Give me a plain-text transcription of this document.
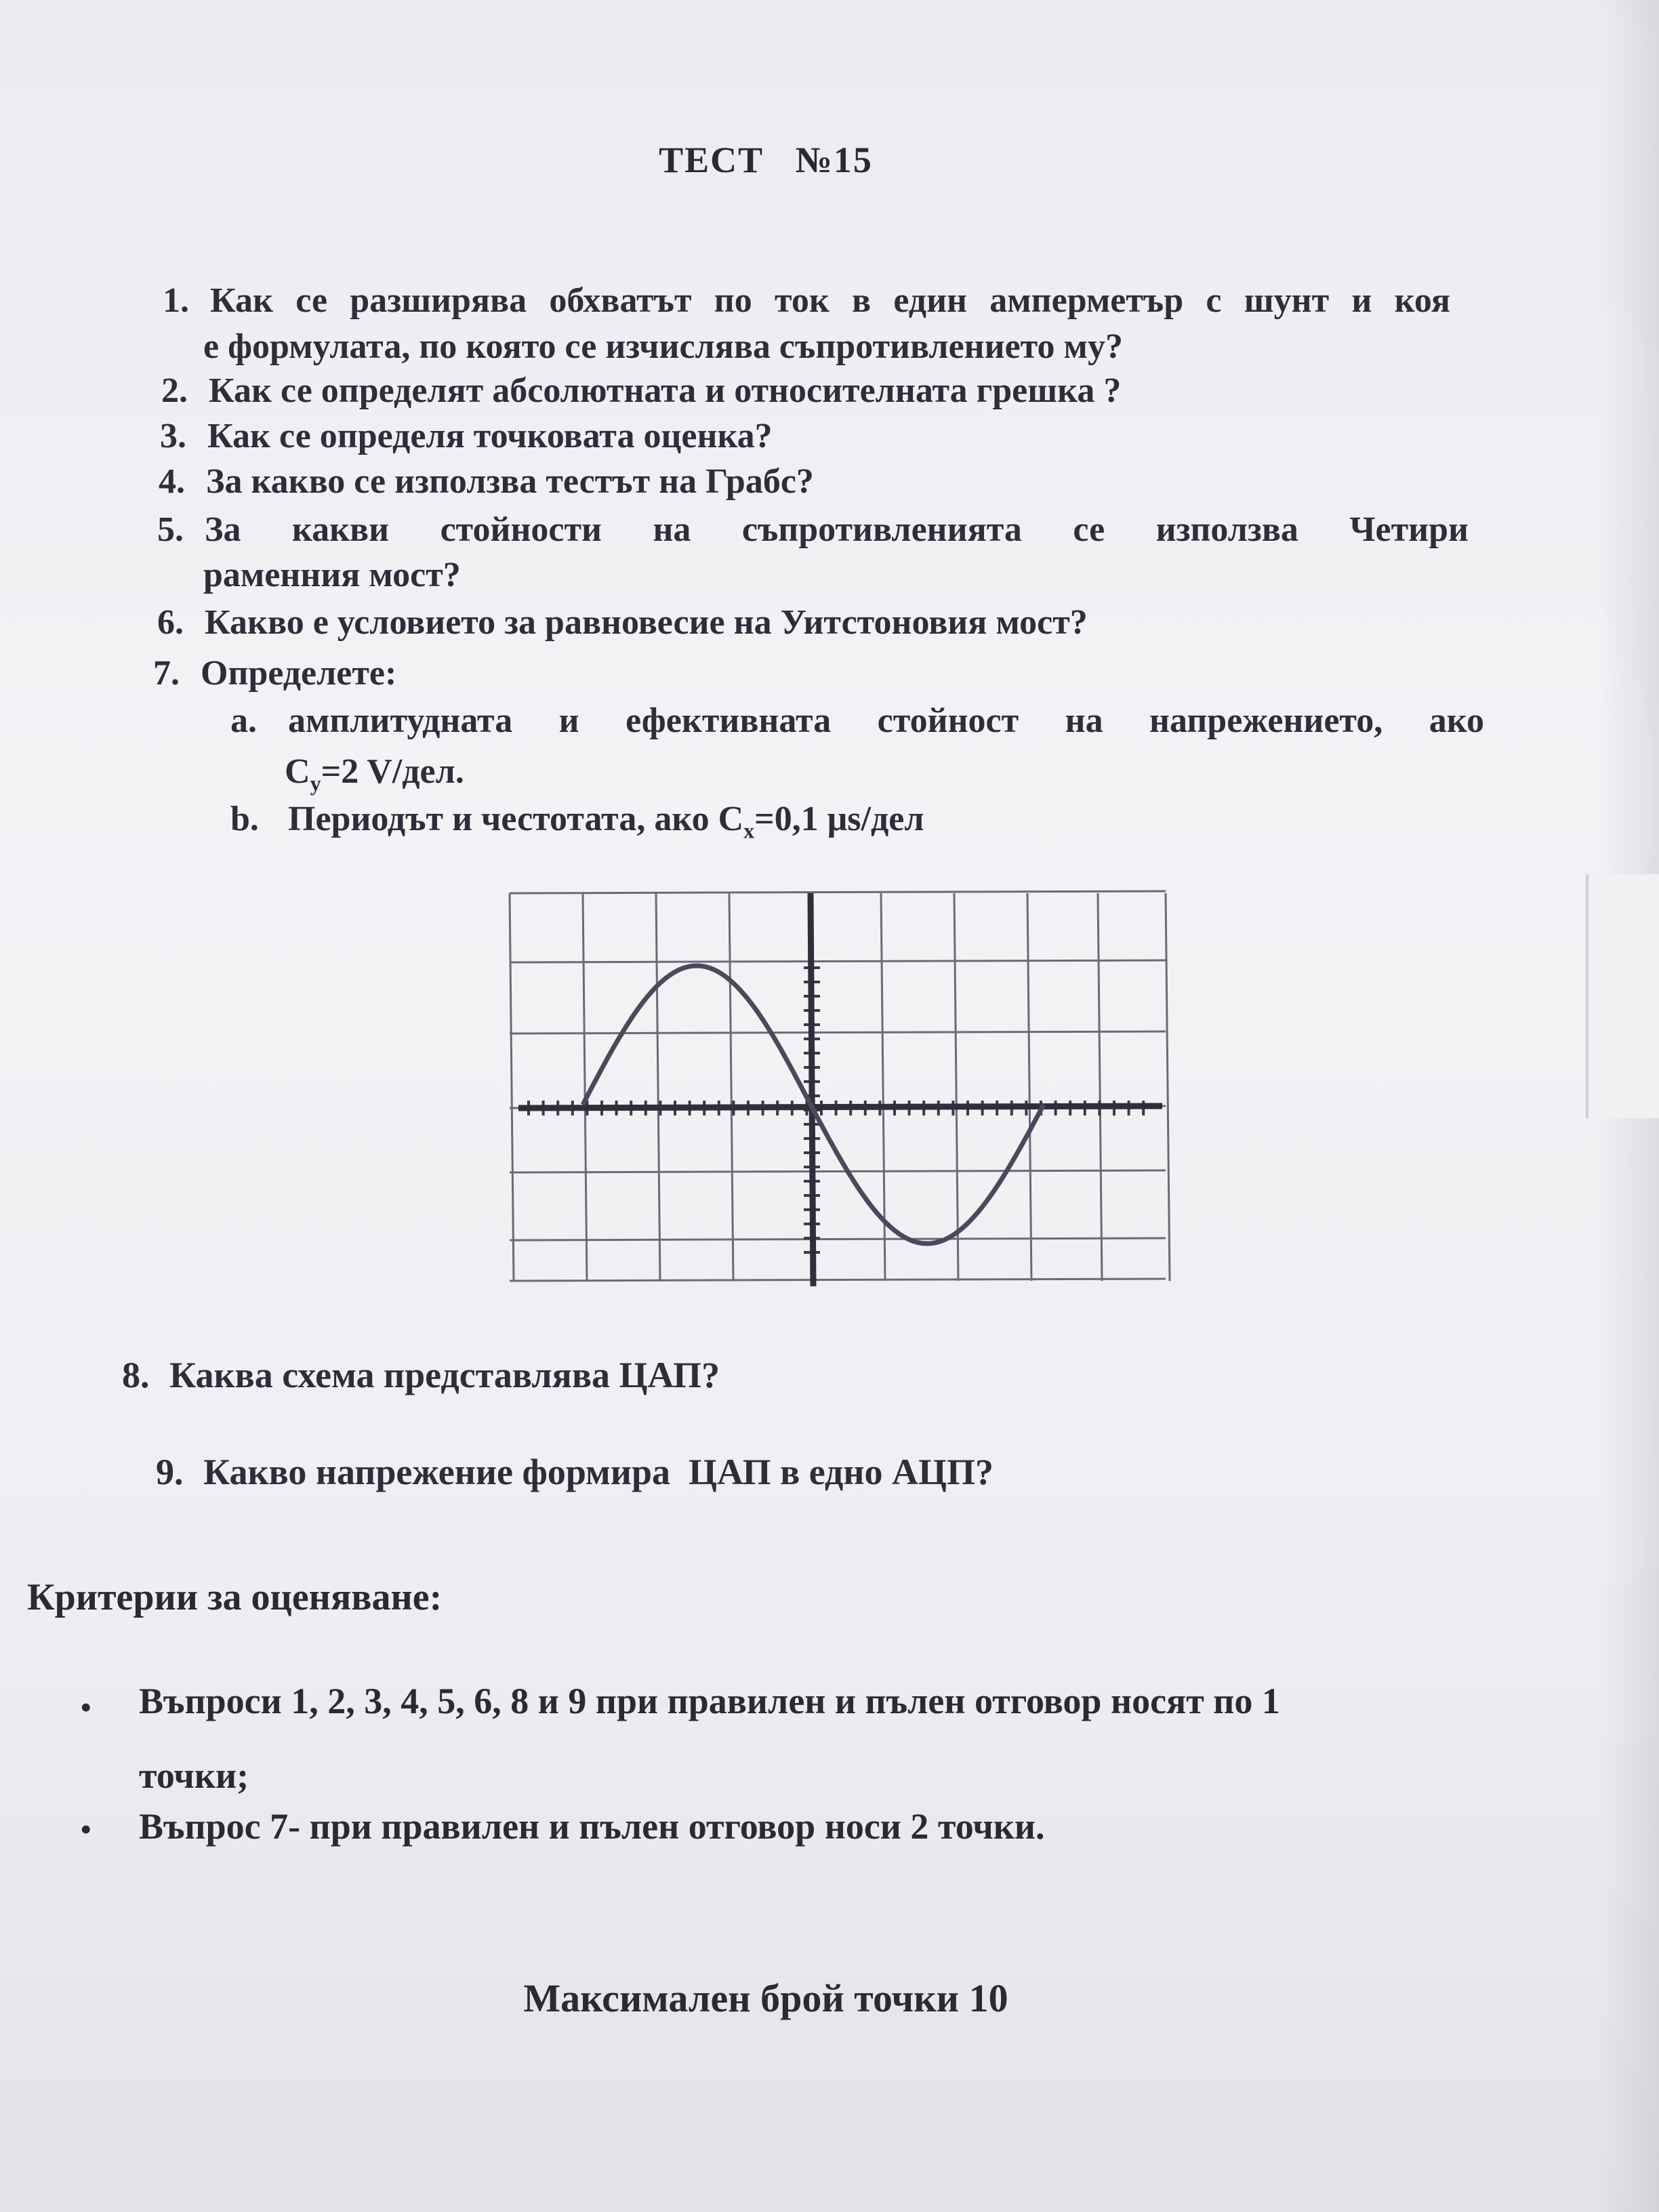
ТЕСТ   №15
1. Как се разширява обхватът по ток в един амперметър с шунт и коя
е формулата, по която се изчислява съпротивлението му?
2. Как се определят абсолютната и относителната грешка ?
3. Как се определя точковата оценка?
4. За какво се използва тестът на Грабс?
5. За какви стойности на съпротивленията се използва Четири
раменния мост?
6. Какво е условието за равновесие на Уитстоновия мост?
7. Определете:
a. амплитудната и ефективната стойност на напрежението, ако
$C_y=2$ V/дел.
b. Периодът и честотата, ако $C_x=0,1$ μs/дел
8. Каква схема представлява ЦАП?

9. Какво напрежение формира  ЦАП в едно АЦП?

Критерии за оценяване:
• Въпроси 1, 2, 3, 4, 5, 6, 8 и 9 при правилен и пълен отговор носят по 1
точки;
• Въпрос 7- при правилен и пълен отговор носи 2 точки.
Максимален брой точки 10
